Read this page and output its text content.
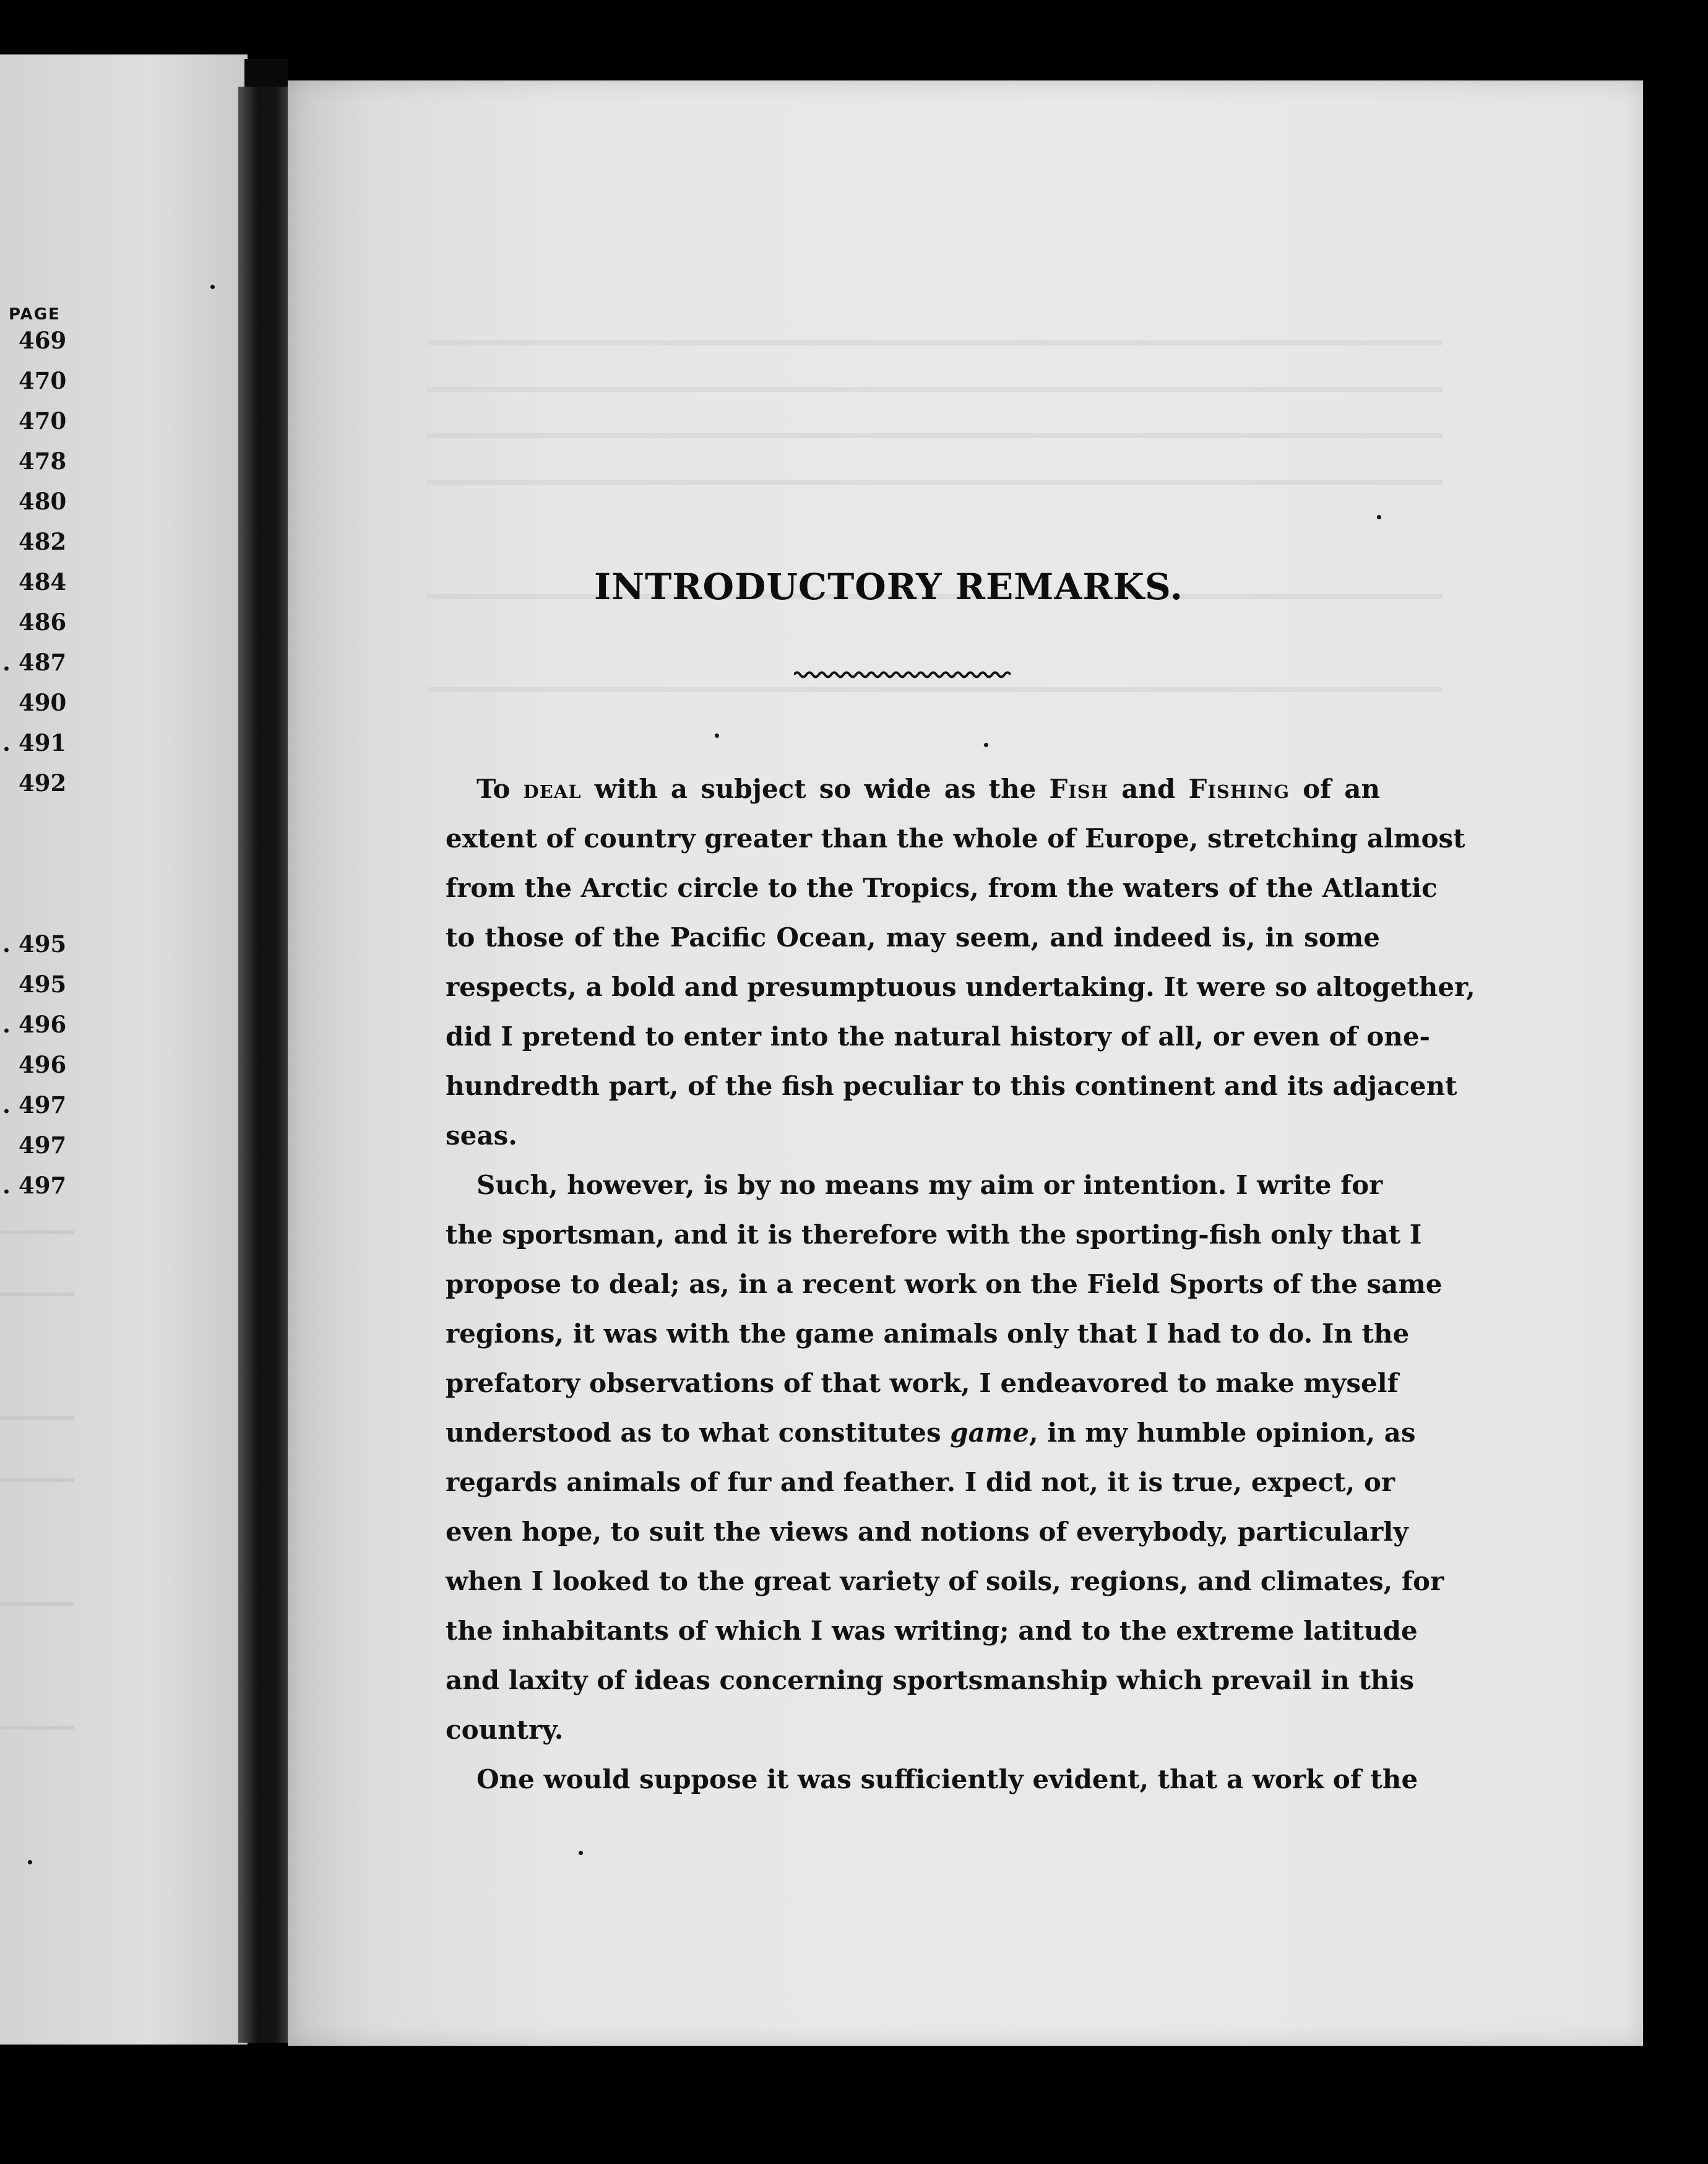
PAGE
469
470
470
478
480
482
484
486
. 487
490
. 491
492
. 495
495
. 496
496
. 497
497
. 497
INTRODUCTORY REMARKS.
To deal with a subject so wide as the Fish and Fishing of an
extent of country greater than the whole of Europe, stretching almost
from the Arctic circle to the Tropics, from the waters of the Atlantic
to those of the Pacific Ocean, may seem, and indeed is, in some
respects, a bold and presumptuous undertaking. It were so altogether,
did I pretend to enter into the natural history of all, or even of one-
hundredth part, of the fish peculiar to this continent and its adjacent
seas.
Such, however, is by no means my aim or intention. I write for
the sportsman, and it is therefore with the sporting-fish only that I
propose to deal; as, in a recent work on the Field Sports of the same
regions, it was with the game animals only that I had to do. In the
prefatory observations of that work, I endeavored to make myself
understood as to what constitutes game, in my humble opinion, as
regards animals of fur and feather. I did not, it is true, expect, or
even hope, to suit the views and notions of everybody, particularly
when I looked to the great variety of soils, regions, and climates, for
the inhabitants of which I was writing; and to the extreme latitude
and laxity of ideas concerning sportsmanship which prevail in this
country.
One would suppose it was sufficiently evident, that a work of the
